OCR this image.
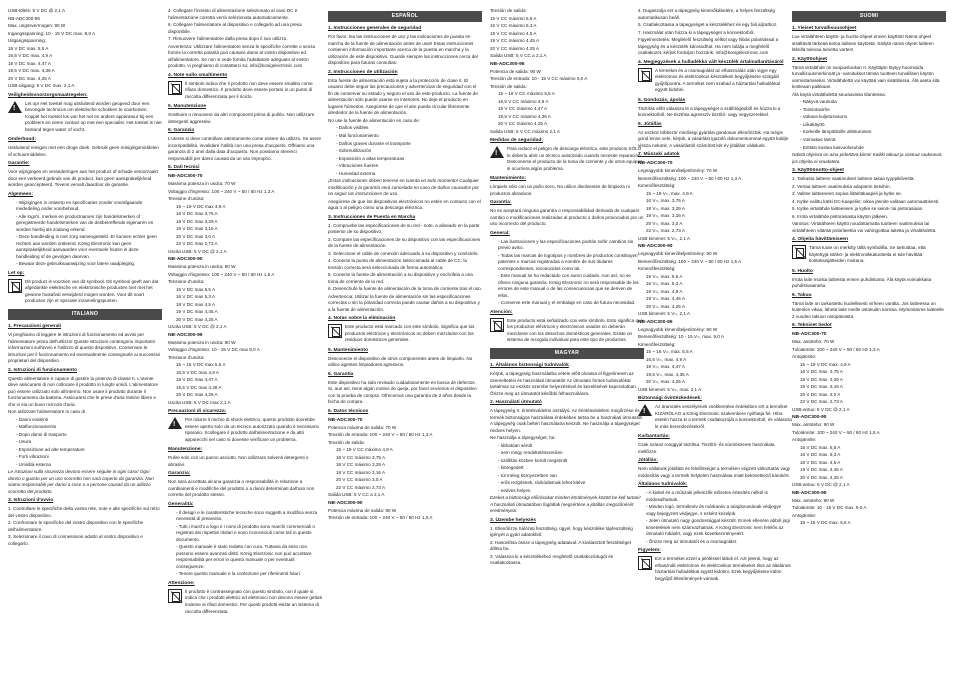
USB-töltés: 5 V DC @ 2,1 A
NB-ADC300-95
Max. ungssvermogen: 90 W
Ingangsspanning: 10 - 15 V DC max. 9,0 A
Uitgangsspanning:
15 V DC max. 5,5 A
16,5 V DC max. 4,9 A
18 V DC max. 4,47 A
19,5 V DC max. 4,36 A
20 V DC max. 4,25 A
USB-uitgang: 5 V DC max. 2,1 A
Veiligheidsvoorzorgsmaatregelen:
!

Let op! Het toestel mag uitsluitend worden geopend door een bevoegde technicus om elektrische schokken te voorkomen. Koppel het toestel los van het net en andere apparatuur bij een probleem en neem contact op met een specialist. Het toestel is niet bestand tegen water of vocht.

Onderhoud:

Uitsluitend reinigen met een droge doek. Gebruik geen reinigingsmiddelen of schuurmiddelen.

Garantie:

Voor wijzigingen en veranderingen aan het product of schade veroorzaakt door een verkeerd gebruik van dit product, kan geen aansprakelijkheid worden geaccepteerd. Tevens vervalt daardoor de garantie.

Algemeen:
- Wijzigingen in ontwerp en specificaties zonder voorafgaande mededeling onder voorbehoud.
- Alle logo's, merken en productnamen zijn handelsmerken of geregistreerde handelsmerken van de desbetreffende eigenaren en worden hierbij als zodanig erkend.
- Deze handleiding is met zorg samengesteld. Er kunnen echter geen rechten aan worden ontleend. König Electronic kan geen aansprakelijkheid aanvaarden voor eventuele fouten in deze handleiding of de gevolgen daarvan.
- Bewaar deze gebruiksaanwijzing voor latere raadpleging.
Let op:

Dit product is voorzien van dit symbool. Dit symbool geeft aan dat afgedankte elektrische en elektronische producten niet met het gewone huisafval verwijderd mogen worden. Voor dit soort producten zijn er speciale inzamelingspunten.

ITALIANO
1. Precauzioni generali

Vi preghiamo di leggere le istruzioni di funzionamento ed avvisi per l'alimentatore prima dell'utilizzo! Queste istruzioni contengono importanti informazioni sull'avvio e l'utilizzo di questo dispositivo. Conservare le istruzioni per il funzionamento ed eventualmente consegnarle ai successivi proprietari del dispositivo.

2. Istruzioni di funzionamento

Questo alimentatore è capace di gestire la potenza di classe II. L'utente deve assicurarsi di non collocare il prodotto in luoghi umidi. L'alimentatore può essere utilizzato solo all'interno. Non usare il prodotto durante il funzionamento da batteria. Assicurarsi che le prese d'aria restino libere e che vi sia un buon ricircolo d'aria.

Non utilizzare l'alimentatore in caso di

- Danni evidenti
- Malfunzionamento
- Dopo danni di trasporto
- Usura
- Esposizione ad alte temperature
- Forti vibrazioni
- Umidità esterna

Le istruzioni sulla sicurezza devono essere seguite in ogni caso! Ogni danno o guasto per un uso scorretto non sarà coperto da garanzia. Non siamo responsabili per danni a cose o a persone causati da un utilizzo scorretto del prodotto.

3. Istruzioni d'avvio
1. Controllare le specifiche della vostra rete, note e alte specifiche sul retro del vostro dispositivo.
2. Confrontare le specifiche del vostro dispositivo con le specifiche dell'alimentatore.
3. Selezionare il cavo di connessione adatto al vostro dispositivo e collegarlo.
4. Collegare l'innesto di alimentazione selezionato al cavo DC e l'alimentazione corretta verrà selezionata automaticamente.
6. Collegare l'alimentatore al dispositivo e collegarlo ad una presa disponibile.
7. Rimuovere l'alimentatore dalla presa dopo il suo utilizzo.

Avvertenza: Utilizzare l'alimentatore senza le specifiche corrette o senza fornire la corretta polarità può causare danni al vostro dispositivo ed all'alimentatore. Se non si vede fornita l'adattatore adeguato al vostro prodotto, vi preghiamo di contattarci su: info@konigelectronic.com

4. Note sullo smaltimento

Il simbolo indica che il prodotto non deve essere smaltito come rifiuto domestico. Il prodotto deve essere portato in un punto di raccolta differenziata per il riciclo.

5. Manutenzione

Sostituire o rimuovere da altri componenti prima di pulirlo. Non utilizzare detergenti aggressivi.

6. Garanzia

L'utente si deve controllare attentamente come essere da utilizzo. Se avere incompatibilità, invalidare l'utilità con una presa d'acquisto. Offriamo una garanzia di 2 anni dalla data d'acquisto. Non possiamo ritenerci responsabili per danni causati da un uso improprio.

6. Dati tecnici
NB-ADC300-70
Massima potenza in uscita: 70 W
Voltaggio d'ingresso: 100 ~ 240 V ~ 50 / 60 Hz 1,3 A
Tensione d'uscita:
15 ~ 19 V DC max 4,9 A
16 V DC max 3,75 A
18 V DC max 3,29 A
19 V DC max 3,16 A
20 V DC max 3,0 A
22 V DC max 2,73 A
Uscita USB: 5 V DC @ 2,1 A
NB-ADC300-90
Massima potenza in uscita: 90 W
Voltaggio d'ingresso: 100 ~ 240 V ~ 50 / 60 Hz 1,5 A
Tensione d'uscita:
15 V DC max 5,5 A
16 V DC max 5,3 A
18 V DC max 4,5 A
19 V DC max 4,45 A
20 V DC max 4,25 A
Uscita USB: 5 V DC @ 2,1 A
NB-ADC300-95
Massima potenza in uscita: 90 W
Voltaggio d'ingresso: 10 - 15 V DC max 9,0 A
Tensione d'uscita:
15 ~ 16 V DC max 5,5 A
16,5 V DC max 4,9 A
18 V DC max 4,47 A
19,5 V DC max 4,36 A
20 V DC max 4,25 A
Uscita USB: 5 V DC max 2,1 A
Precauzioni di sicurezza:
!

Per ridurre il rischio di shock elettrico, questo prodotto dovrebbe essere aperto solo da un tecnico autorizzato quando è necessario riparario. Scollegare il prodotto dall'alimentazione e da altri apparecchi nel caso si dovesse verificare un problema.

Manutenzione:

Pulire solo con un panno asciutto. Non utilizzare solventi detergenti o abrasivi.

Garanzia:

Non sarà accettata alcuna garanzia o responsabilità in relazione a cambiamenti e modifiche del prodotto o a danni determinati dall'uso non corretto del prodotto stesso.

Generalità:
- Il design e le caratteristiche tecniche sono soggetti a modifica senza necessità di preavviso.
- Tutti i marchi a logo e i nomi di prodotto sono marchi commerciali o registrati dei rispettivi titolari e sono riconosciuti come tali in questo documento.
- Questo manuale è stato redatto con cura. Tuttavia da esso non possono essere avanzati diritti. König Electronic non può accettare responsabilità per errori in questo manuale o per eventuali conseguenze.
- Tenere questo manuale e la confezione per riferimenti futuri.
Attenzione:

Il prodotto è contrassegnato con questo simbolo, con il quale si indica che i prodotti elettrici ed elettronici non devono essere gettati insieme ai rifiuti domestici. Per questi prodotti esiste un sistema di raccolta differenziata.

ESPAÑOL
1. Instrucciones generales de seguridad

Por favor, lea las instrucciones de uso y las indicaciones de puesta en marcha de la fuente de alimentación antes de usar! Estas instrucciones contienen información importante acerca de la puesta en marcha y la utilización de este dispositivo. Guarde siempre las instrucciones cerca del dispositivo para futuras consultas.

2. Instrucciones de utilización

Esta fuente de alimentación está sujeta a la protección de clase II. El usuario debe seguir las precauciones y advertencias de seguridad con el fin de conservar su estado y seguro el uso de este producto. La fuente de alimentación sólo puede usarse en interiores. No deje el producto en lugares húmedos. Asegúrese de que el aire pueda circular libremente alrededor de la fuente de alimentación.

No use la fuente de alimentación en caso de:

- Daños visibles
- Mal funcionamiento
- Daños graves durante el transporte
- Sobreutilización
- Exposición a altas temperaturas
- Vibraciones fuertes
- Humedad externa

¡Estas indicaciones deben tenerse en cuenta en todo momento! Cualquier modificación y la garantía será cancelada en caso de daños causados por no seguir las instrucciones de uso.

Asegúrese de que los dispositivos electrónicos no estén en contacto con el agua o al peligro como una descarga eléctrica.

3. Instrucciones de Puesta en Marcha
1. Compruebe las especificaciones de su red - note, a alineado en la parte posterior de su dispositivo.
2. Compare las especificaciones de su dispositivo con las especificaciones de la fuente de alimentación.
3. Seleccione el cable de conexión adecuado a su dispositivo y conéctelo.
4. Conecte la punta de alimentación seleccionada al cable de CC; la tensión correcta será seleccionada de forma automática.
5. Conecte la fuente de alimentación a su dispositivo y enchúfela a una toma de corriente de la red.
6. Desenchufe la fuente de alimentación de la toma de corriente tras el uso.

Advertencia: Utilizar la fuente de alimentación sin las especificaciones correctas o sin la polaridad correcta puede causar daños a su dispositivo y a la fuente de alimentación.

4. Notas sobre la eliminación

Este producto está marcado con este símbolo. Significa que los productos eléctricos y electrónicos no deben mezclarse con los residuos domésticos generales.

5. Mantenimiento

Desconecte el dispositivo de otros componentes antes de limpiarlo. No utilice agentes limpiadores agresivos.

6. Garantía

Este dispositivo ha sido revisado cuidadosamente en busca de defectos. Si, aun así, tiene algún motivo de queja, por favor envíenos el dispositivo con la prueba de compra. Ofrecemos una garantía de 2 años desde la fecha de compra.

6. Datos técnicos
NB-ADC300-70
Potencia máxima de salida: 70 W
Tensión de entrada: 100 ~ 240 V ~ 50 / 60 Hz 1,3 A
Tensión de salida:
15 ~ 19 V CC máximo 4,9 A
16 V CC máximo 3,75 A
18 V CC máximo 3,29 A
19 V CC máximo 3,16 A
20 V CC máximo 3,0 A
22 V CC máximo 2,73 A
Salida USB: 5 V CC a 2,1 A
NB-ADC300-90
Potencia máxima de salida: 90 W
Tensión de entrada: 100 ~ 240 V ~ 50 / 60 Hz 1,5 A
Tensión de salida:
15 V CC máximo 5,5 A
16 V CC máximo 5,3 A
18 V CC máximo 4,5 A
19 V CC máximo 4,45 A
20 V CC máximo 4,25 A
Salida USB: 5 V CC a 2,1 A
NB-ADC300-95
Potencia de salida: 90 W
Tensión de entrada: 10 - 15 V CC máximo 9,0 A
Tensión de salida:
15 ~ 16 V CC máximo 5,5 A
16,5 V CC máximo 4,9 A
18 V CC máximo 4,47 A
19,5 V CC máximo 4,36 A
20 V CC máximo 4,25 A
Salida USB: 5 V CC máximo 2,1 A
Medidas de seguridad:
!

Para reducir el peligro de descarga eléctrica, este producto SÓLO lo debería abrir un técnico autorizado cuando necesite reparación. Desconecte el producto de la toma de corriente y de otros equipos si ocurriera algún problema.

Mantenimiento:

Límpielo sólo con un paño seco. No utilice disolventes de limpieza ni productos abrasivos.

Garantía:

No se aceptará ninguna garantía o responsabilidad derivada de cualquier cambio o modificaciones realizadas al producto o daños provocados por un uso incorrecto del producto.

General:
- Las ilustraciones y las especificaciones podrán sufrir cambios sin previo aviso.
- Todas las marcas de logotipos y nombres de productos constituyen patentes o marcas registradas a nombre de sus titulares correspondientes, reconocidos como tal.
- Este manual se ha redactado con sumo cuidado. Aun así, no se ofrece ninguna garantía. König Electronic no será responsable de los errores de este manual o de las consecuencias que se deriven de ellos.
- Conserve este manual y el embalaje en caso de futura necesidad.
Atención:

Este producto está señalizado con este símbolo. Esto significa que los productos eléctricos y electrónicos usados no deberán mezclarse con los desechos domésticos generales. Existe un sistema de recogida individual para este tipo de productos.

MAGYAR
1. Általános biztonsági tudnivalók

Kérjük, a tápegység használatba vétele előtt olvassa el figyelmesen az üzemeltetési és használati útmutatót! Az útmutató fontos tudnivalókat tartalmaz az eszköz üzembe helyezésével és kezelésével kapcsolatban. Őrizze meg az útmutatót későbbi felhasználásra.

2. Használati útmutató

A tápegység II. érintésvédelmi osztályú. Az érintésvédelem megőrzése és a termék biztonságos használata érdekében tartsa be a használati útmutatót. A tápegység csak beltéri használatra készült. Ne használja a tápegységet nedves helyen.

Ne használja a tápegységet, ha:

- láthatóan sérült
- nem megy rendeltetésszerűen
- szállítás közben került megsérült
- kiöregedett
- túl meleg környezetben van
- erős rezgésnek, rázkódásnak lehet kitéve
- nedves helyen

Ezeket a biztonsági előírásokat minden körülmények között be kell tartani! A használati útmutatóban foglaltak megsértése a jótállás megszűnését eredményezi.

3. Üzembe helyezés
1. Ellenőrizze hálózati feszültség, ügyel, hogy készüléke tápfeszültség igényét a gyári adatokból.
2. Hasonlítsa össze a tápegység adataival. A kiválasztott feszültséget állítsa be.
3. Válassza ki a készülékéhez megfelelő csatlakozódugót és csatlakoztassa.
4. Dugaszolja ezt a tápegység kimenőkábelére, a helyes feszültség automatikusan beáll.
5. Csatlakoztassa a tápegységet a készülékhez és egy fali aljzathoz.
7. Használat után húzza ki a tápegységet a konnektorból.

Figyelmeztetés: Megfelelő feszültség nélkül vagy hibás polaritással a tápegység és a készülék károsodhat. Ha nem találja a megfelelő csatlakozót, kérjük forduljon hozzánk: info@konigelectronic.com

4. Megjegyzések a hulladékká vált készülék ártalmatlanításáról

A terméket és a csomagolást az elhasználás után vigye egy elektromos és elektronikus készülékek begyűjtésére szolgáló gyűjtőpontra. A terméket nem szabad a háztartási hulladékkal együtt kidobni.

5. Gondozás, ápolás

Tisztítás előtt válassza le a tápegységet a szállítógépből és húzza ki a konnektorból. Ne tisztítsa agresszív tisztító- vagy vegyszerekkel.

6. Jótállás

Az eszköz többször minőségi gyártási gondosan ellenőriztük. Ha mégis gond lenne vele, kérjük, a vásárlást igazoló dokumentummal együtt küldje vissza nekünk. A vásárlástól számított két év jótállást vállalunk.

7. Műszaki adatok
NB-ADC300-70
Legnagyobb kimenőteljesítmény: 70 W
Bemenőfeszültség: 100 ~ 240 V ~ 50 / 60 Hz 1,3 A
Kimenőfeszültség:
15 ~ 19 V=, max. 4,9 A
16 V=, max. 3,75 A
18 V=, max. 3,29 A
19 V=, max. 3,16 A
20 V=, max. 3,0 A
22 V=, max. 2,73 A
USB kimenet: 5 V=, 2,1 A
NB-ADC300-90
Legnagyobb kimenőteljesítmény: 90 W
Bemenőfeszültség: 100 ~ 240 V ~ 50 / 60 Hz 1,5 A
Kimenőfeszültség:
15 V=, max. 5,5 A
16 V=, max. 5,3 A
18 V=, max. 4,5 A
19 V=, max. 4,45 A
20 V=, max. 4,25 A
USB kimenet: 5 V=, 2,1 A
NB-ADC300-95
Legnagyobb kimenőteljesítmény: 90 W
Bemenőfeszültség: 10 - 15 V=, max. 9,0 A
Kimenőfeszültség:
15 ~ 16 V=, max. 5,5 A
16,5 V=, max. 4,9 A
18 V=, max. 4,47 A
19,5 V=, max. 4,36 A
20 V=, max. 4,25 A
USB kimenet: 5 V=, max. 2,1 A
Biztonsági óvintézkedések:
!

Az áramütés veszélyének csökkentése érdekében ezt a terméket KIZÁRÓLAG a König Electronic szakembere nyithatja fel. Hiba esetén húzza ki a termék csatlakozóját a konnektorból, és válassza le más berendezésekről.

Karbantartás:

Csak száraz ronggyal tisztítsa. Tisztító- és súrolószeres használata mellőzze.

Jótállás:

Nem vállalunk jótállást és felelősséget a terméken végzett változtatás vagy módosítás vagy a termék helytelen használata miatt bekövetkező károkért.

Általános tudnivalók:
- A kivitel és a műszaki jellemzők előzetes értesítés nélkül is módosulhatnak.
- Minden logó, terméknév és márkanév a tulajdonosának védjegye vagy bejegyzett védjegye, s ezként kezeljük.
- Jelen útmutató nagy gondossággal készült. Ennek ellenére abból jogi követelések nem származhatnak. A König Electronic nem felelős az útmutató hibáiért, vagy ezek következményeiért.
- Őrizze meg az útmutatót és a csomagolást.
Figyelem:

Ezt a terméket ezzel a jelöléssel láttuk el. Azt jelenti, hogy az elhasznált elektromos és elektronikus termékeket tilos az általános háztartási hulladékkal együtt kidobni. Ezek begyűjtésére külön begyűjtő létesítmények vannak.

SUOMI
1. Yleiset turvallisuusohjeet

Lue virtalähteen käyttö- ja huolto-ohjeet ennen käyttöä! Nämä ohjeet sisältävät tärkeää tietoa laitteen käytöstä. Säilytä nämä ohjeet laitteen lähellä tulevaa tarvetta varten!

2. Käyttöohjeet

Tämä virtalähde on suojausluokan II. Käyttäjän täytyy huomioida turvallisuusmerkinnät ja -varoitukset tämän tuotteen turvallisen käytön varmistamiseksi. Virtalähdettä voi käyttää vain sisätiloissa. Älä aseta sitä kosteaan paikkaan.

Älä käytä virtalähdettä seuraavissa tilanteissa:

- Näkyvä vaurioita
- Toimintavirhe
- Vakava kuljetusvaurio
- Liikakäyttö
- Korkeille lämpötiloille altistuminen
- Voimakas tärinä
- Erittäin kostea kasvuolosuhde

Näistä ohjeista on aina pidettävä kiinni! Kaikki takuut ja vastuut raukeavat, jos ohjeita ei noudateta.

3. Käyttöönotto-ohjeet
1. Tarkasta laitteen vaatimukset laitteen takaa tyyppikilvestä.
2. Vertaa laitteen vaatimuksia adapterin tietoihin.
3. Valitse laitteeseen sopiva liitäntäkaapeli ja kytke se.
4. Kytke valittu kärki DC-kaapeliin; oikea jännite valitaan automaattisesti.
5. Kytke virtalähde laitteeseen ja kytke se seinä- tai pistorasiaan.
6. Irrota virtalähde pistorasiasta käytön jälkeen.

Varoitus: Virtalähteen käyttö noudattamatta tuotteen vaatimuksia tai virtalähteen väärää polariteettia voi vahingoittaa laitetta ja virtalähdettä.

4. Ohjeita hävittämiseen

Tämä tuote on merkitty tällä symbolilla. Se tarkoittaa, että käytettyjä sähkö- ja elektroniikkatuotteita ei tule hävittää kotitalousjätteiden mukana.

5. Huolto

Irrota laite muista laitteista ennen puhdistusta. Älä käytä voimakkaita puhdistusaineita.

6. Takuu

Tämä laite on tarkastettu huolellisesti virheen varalta. Jos laitteessa on kuitenkin vikaa, lähetä laite meille ostokuitin kanssa. Myönnämme laitteelle 2 vuoden takuun ostopäivästä.

6. Tekniset tiedot
NB-ADC300-70
Max. antoteho: 70 W
Tuloiännite: 100 ~ 240 V ~ 50 / 60 Hz 1,3 A
Antojännite:
15 ~ 19 V DC max. 4,9 A
16 V DC max. 3,75 A
18 V DC max. 3,29 A
19 V DC max. 3,16 A
20 V DC max. 3,0 A
22 V DC max. 2,73 A
USB-antuu: 5 V DC @ 2,1 A
NB-ADC300-90
Max. antoteho: 90 W
Tuloiännite: 100 ~ 240 V ~ 50 / 60 Hz 1,5 A
Antojännite:
15 V DC max. 5,5 A
16 V DC max. 5,3 A
18 V DC max. 4,5 A
19 V DC max. 4,45 A
20 V DC max. 4,25 A
USB-antuu: 5 V DC @ 2,1 A
NB-ADC300-95
Max. antoteho: 90 W
Tuloiännite: 10 - 15 V DC max. 9,0 A
Antojännite:
15 ~ 16 V DC max. 5,5 A
